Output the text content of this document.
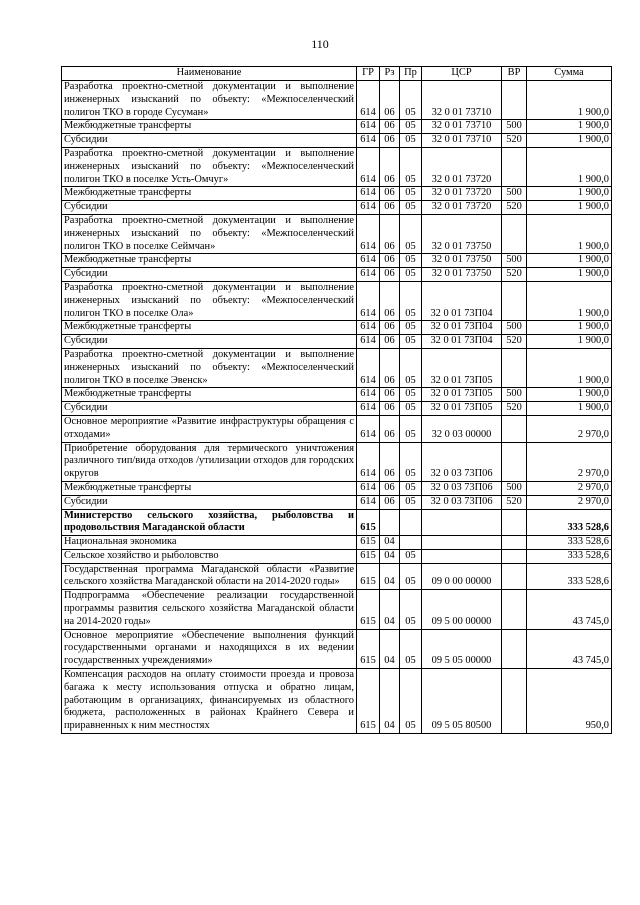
110
Наименование	ГР	Рз	Пр	ЦСР	ВР	Сумма
Разработка проектно-сметной документации и выполнение инженерных изысканий по объекту: «Межпоселенческий полигон ТКО в городе Сусуман»	614	06	05	32 0 01 73710		1 900,0
Межбюджетные трансферты	614	06	05	32 0 01 73710	500	1 900,0
Субсидии	614	06	05	32 0 01 73710	520	1 900,0
Разработка проектно-сметной документации и выполнение инженерных изысканий по объекту: «Межпоселенческий полигон ТКО в поселке Усть-Омчуг»	614	06	05	32 0 01 73720		1 900,0
Межбюджетные трансферты	614	06	05	32 0 01 73720	500	1 900,0
Субсидии	614	06	05	32 0 01 73720	520	1 900,0
Разработка проектно-сметной документации и выполнение инженерных изысканий по объекту: «Межпоселенческий полигон ТКО в поселке Сеймчан»	614	06	05	32 0 01 73750		1 900,0
Межбюджетные трансферты	614	06	05	32 0 01 73750	500	1 900,0
Субсидии	614	06	05	32 0 01 73750	520	1 900,0
Разработка проектно-сметной документации и выполнение инженерных изысканий по объекту: «Межпоселенческий полигон ТКО в поселке Ола»	614	06	05	32 0 01 73П04		1 900,0
Межбюджетные трансферты	614	06	05	32 0 01 73П04	500	1 900,0
Субсидии	614	06	05	32 0 01 73П04	520	1 900,0
Разработка проектно-сметной документации и выполнение инженерных изысканий по объекту: «Межпоселенческий полигон ТКО в поселке Эвенск»	614	06	05	32 0 01 73П05		1 900,0
Межбюджетные трансферты	614	06	05	32 0 01 73П05	500	1 900,0
Субсидии	614	06	05	32 0 01 73П05	520	1 900,0
Основное мероприятие «Развитие инфраструктуры обращения с отходами»	614	06	05	32 0 03 00000		2 970,0
Приобретение оборудования для термического уничтожения различного тип/вида отходов /утилизации отходов для городских округов	614	06	05	32 0 03 73П06		2 970,0
Межбюджетные трансферты	614	06	05	32 0 03 73П06	500	2 970,0
Субсидии	614	06	05	32 0 03 73П06	520	2 970,0
Министерство сельского хозяйства, рыболовства и продовольствия Магаданской области	615					333 528,6
Национальная экономика	615	04				333 528,6
Сельское хозяйство и рыболовство	615	04	05			333 528,6
Государственная программа Магаданской области «Развитие сельского хозяйства Магаданской области на 2014-2020 годы»	615	04	05	09 0 00 00000		333 528,6
Подпрограмма «Обеспечение реализации государственной программы развития сельского хозяйства Магаданской области на 2014-2020 годы»	615	04	05	09 5 00 00000		43 745,0
Основное мероприятие «Обеспечение выполнения функций государственными органами и находящихся в их ведении государственных учреждениями»	615	04	05	09 5 05 00000		43 745,0
Компенсация расходов на оплату стоимости проезда и провоза багажа к месту использования отпуска и обратно лицам, работающим в организациях, финансируемых из областного бюджета, расположенных в районах Крайнего Севера и приравненных к ним местностях	615	04	05	09 5 05 80500		950,0
